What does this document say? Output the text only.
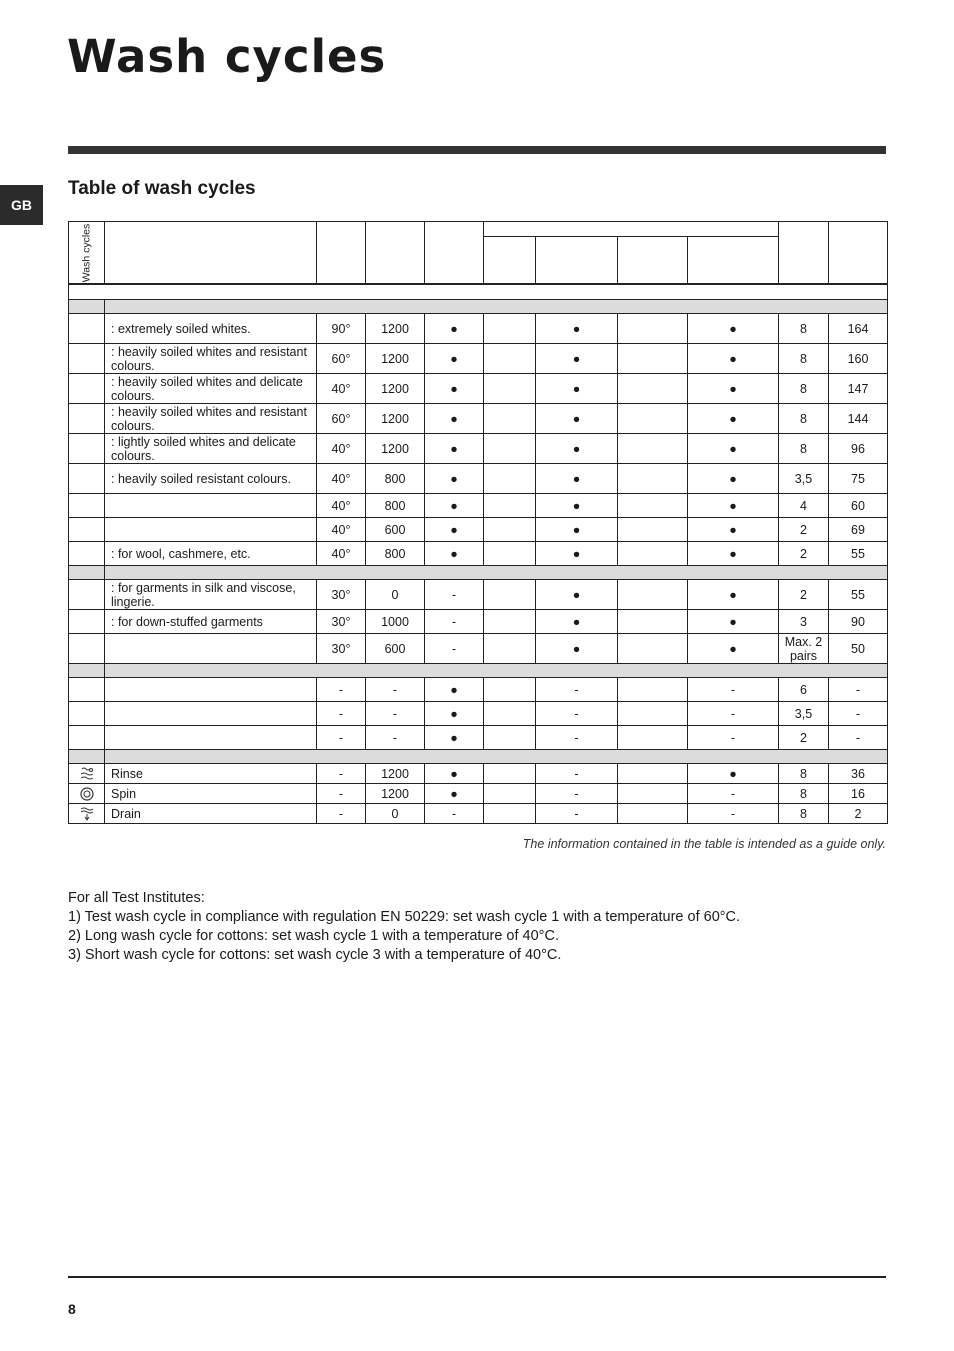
Wash cycles
GB
Table of wash cycles
Wash cycles										

	: extremely soiled whites.	90°	1200	●		●		●	8	164
	: heavily soiled whites and resistant colours.	60°	1200	●		●		●	8	160
	: heavily soiled whites and delicate colours.	40°	1200	●		●		●	8	147
	: heavily soiled whites and resistant colours.	60°	1200	●		●		●	8	144
	: lightly soiled whites and delicate colours.	40°	1200	●		●		●	8	96
	: heavily soiled resistant colours.	40°	800	●		●		●	3,5	75
		40°	800	●		●		●	4	60
		40°	600	●		●		●	2	69
	: for wool, cashmere, etc.	40°	800	●		●		●	2	55

	: for garments in silk and viscose, lingerie.	30°	0	-		●		●	2	55
	: for down-stuffed garments	30°	1000	-		●		●	3	90
		30°	600	-		●		●	Max. 2 pairs	50

		-	-	●		-		-	6	-
		-	-	●		-		-	3,5	-
		-	-	●		-		-	2	-

	Rinse	-	1200	●		-		●	8	36

	Spin	-	1200	●		-		-	8	16

	Drain	-	0	-		-		-	8	2

The information contained in the table is intended as a guide only.

For all Test Institutes:

1) Test wash cycle in compliance with regulation EN 50229: set wash cycle 1 with a temperature of 60°C.

2) Long wash cycle for cottons: set wash cycle 1 with a temperature of 40°C.

3) Short wash cycle for cottons: set wash cycle 3 with a temperature of 40°C.

8
